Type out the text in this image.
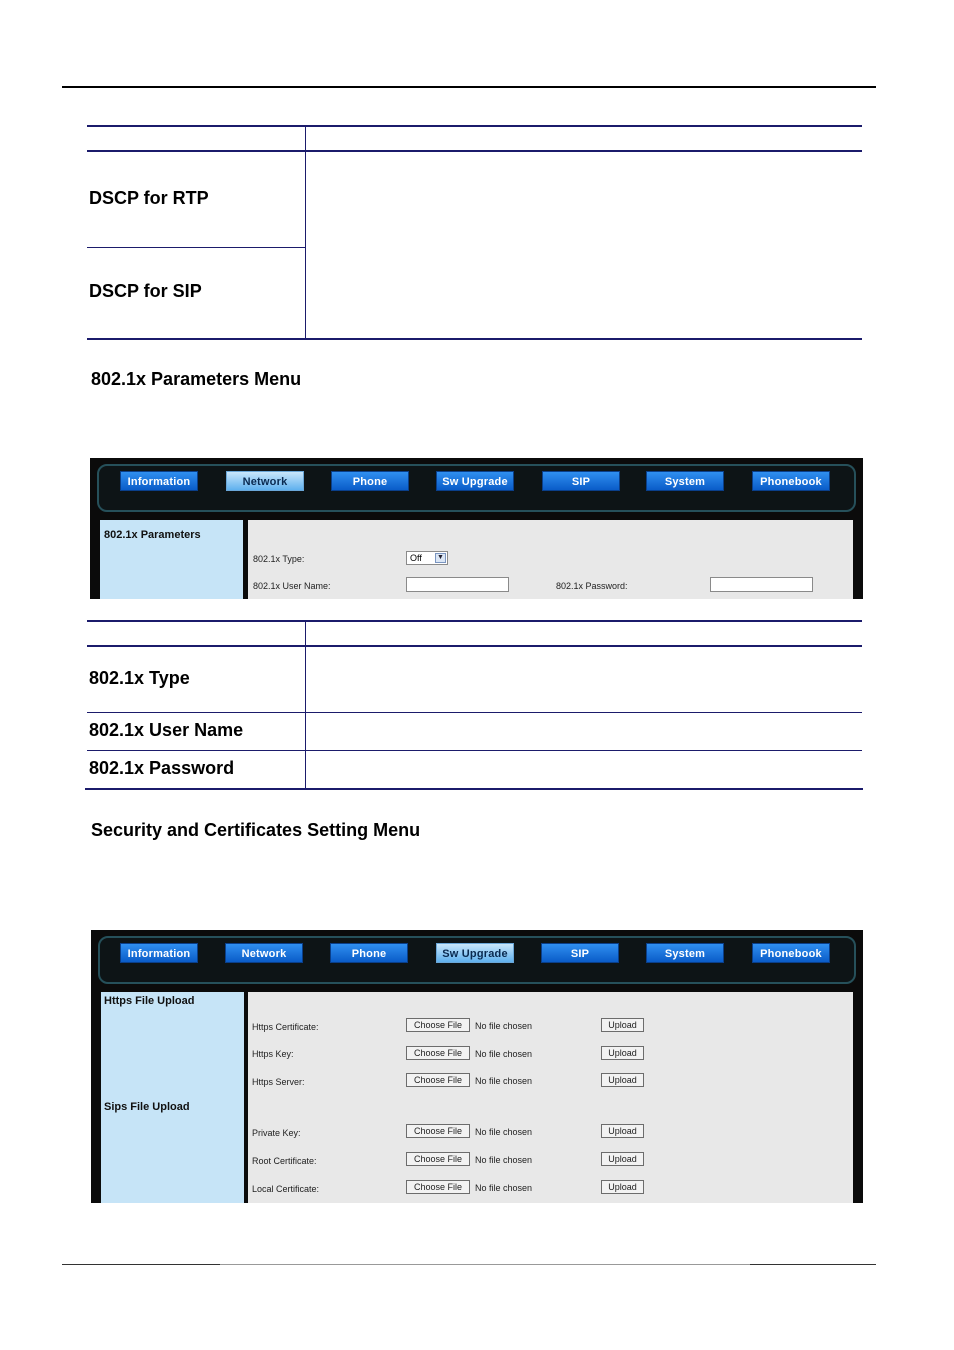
DSCP for RTP
DSCP for SIP
802.1x Parameters Menu
Information	Network	Phone	Sw Upgrade	SIP	System	Phonebook
802.1x Parameters
802.1x Type:	Off ▼
802.1x User Name:	802.1x Password:
802.1x Type
802.1x User Name
802.1x Password
Security and Certificates Setting Menu
Information	Network	Phone	Sw Upgrade	SIP	System	Phonebook
Https File Upload
Sips File Upload
Https Certificate:	Choose File	No file chosen	Upload
Https Key:	Choose File	No file chosen	Upload
Https Server:	Choose File	No file chosen	Upload
Private Key:	Choose File	No file chosen	Upload
Root Certificate:	Choose File	No file chosen	Upload
Local Certificate:	Choose File	No file chosen	Upload
